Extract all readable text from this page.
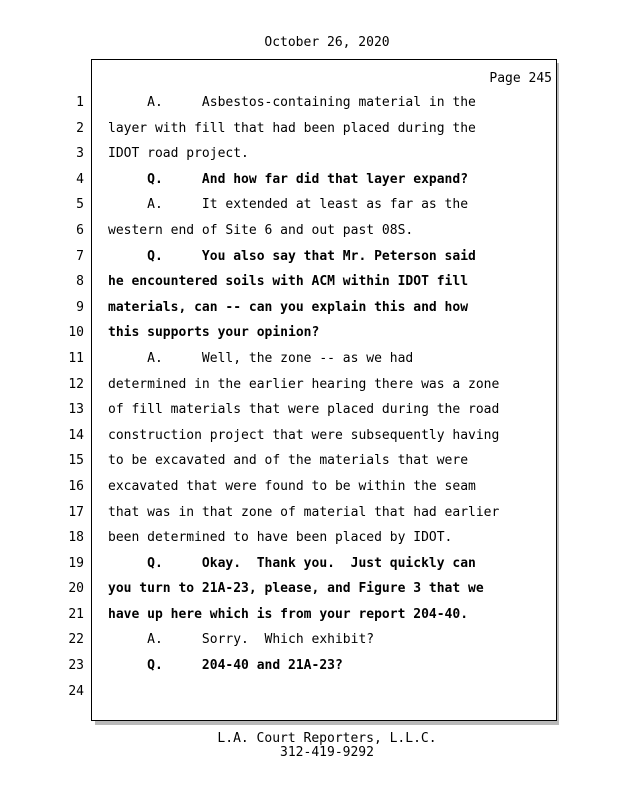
October 26, 2020
Page 245
1
2
3
4
5
6
7
8
9
10
11
12
13
14
15
16
17
18
19
20
21
22
23
24
A.     Asbestos-containing material in the
layer with fill that had been placed during the
IDOT road project.
Q.     And how far did that layer expand?
A.     It extended at least as far as the
western end of Site 6 and out past 08S.
Q.     You also say that Mr. Peterson said
he encountered soils with ACM within IDOT fill
materials, can -- can you explain this and how
this supports your opinion?
A.     Well, the zone -- as we had
determined in the earlier hearing there was a zone
of fill materials that were placed during the road
construction project that were subsequently having
to be excavated and of the materials that were
excavated that were found to be within the seam
that was in that zone of material that had earlier
been determined to have been placed by IDOT.
Q.     Okay.  Thank you.  Just quickly can
you turn to 21A-23, please, and Figure 3 that we
have up here which is from your report 204-40.
A.     Sorry.  Which exhibit?
Q.     204-40 and 21A-23?
L.A. Court Reporters, L.L.C.
312-419-9292
